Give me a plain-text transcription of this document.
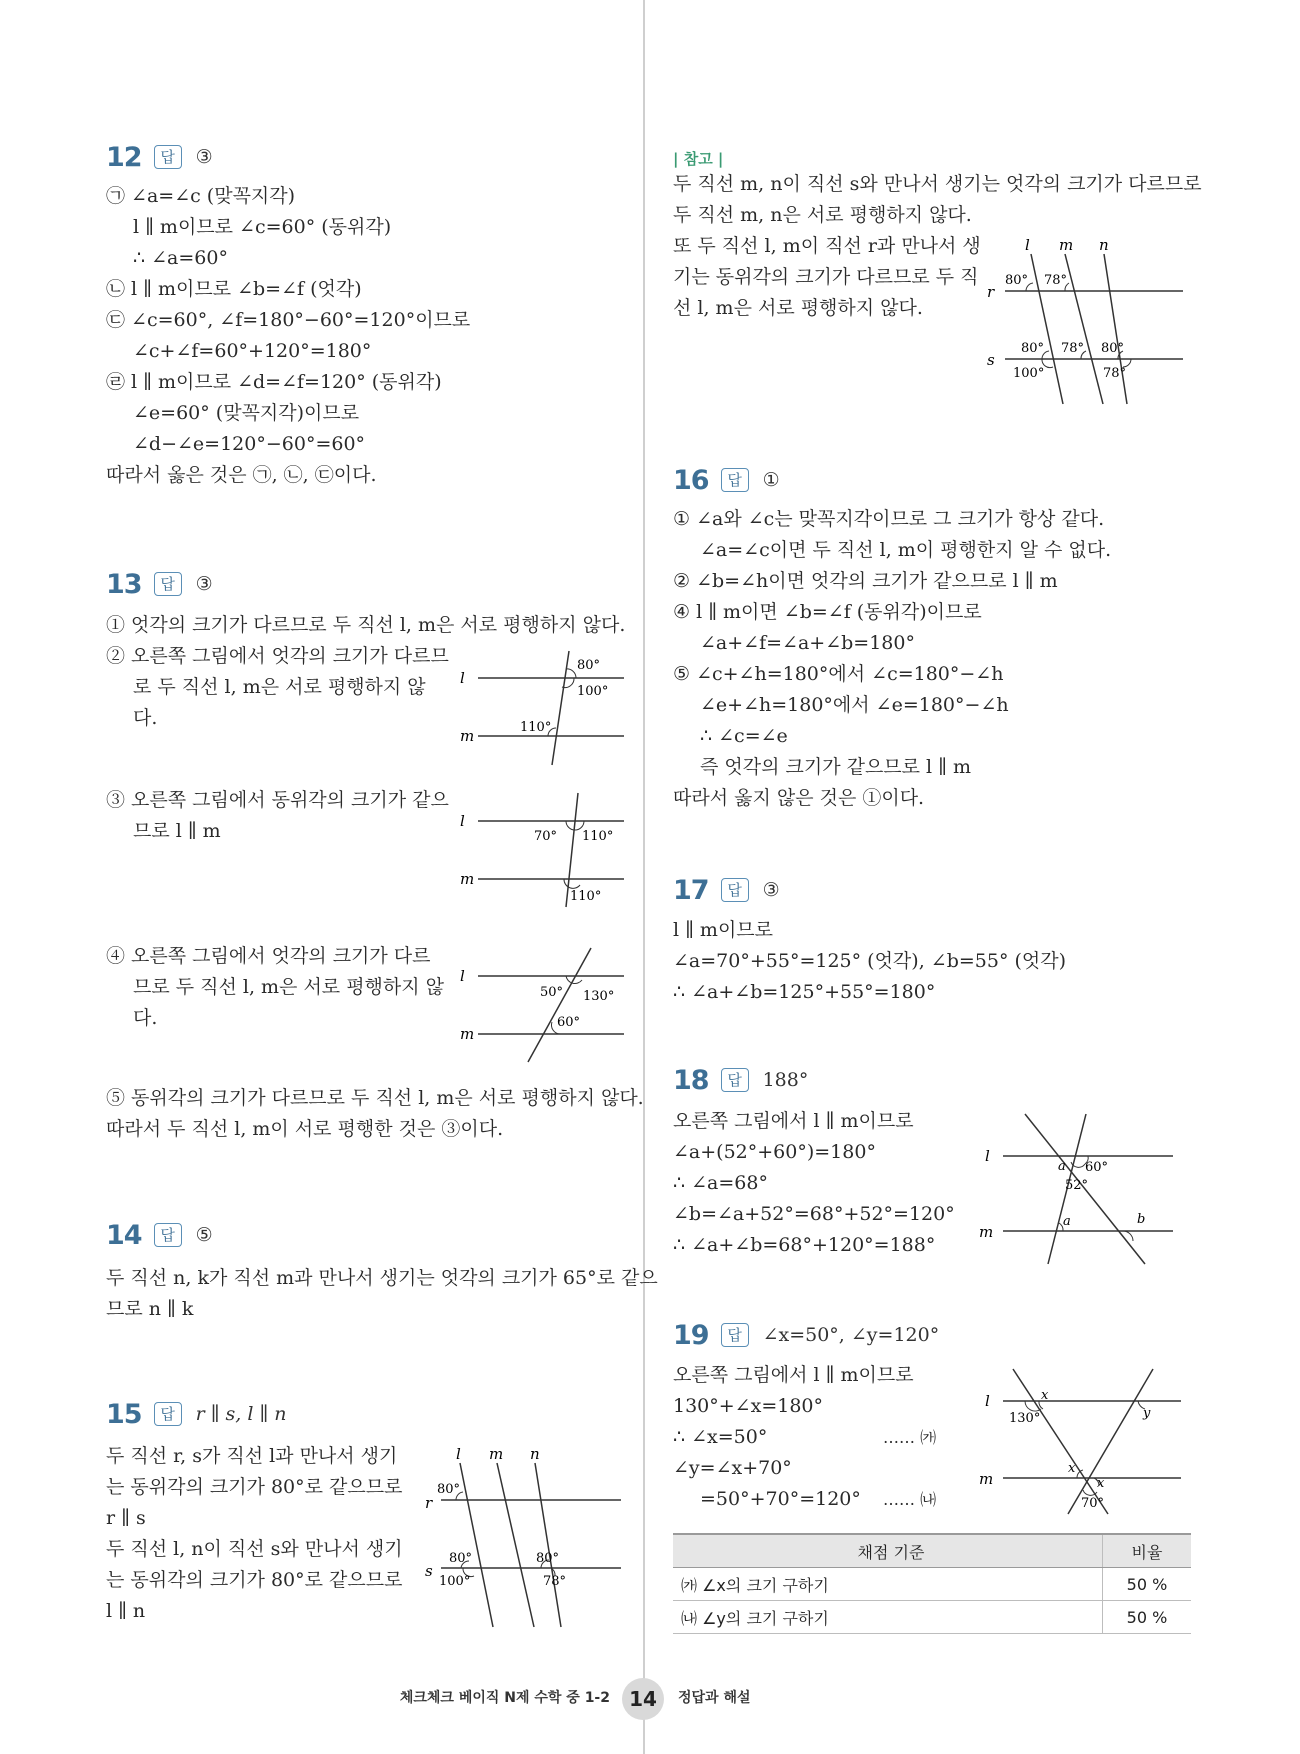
12	답	③
㉠ ∠a=∠c (맞꼭지각)
l ∥ m이므로 ∠c=60° (동위각)
∴ ∠a=60°
㉡ l ∥ m이므로 ∠b=∠f (엇각)
㉢ ∠c=60°, ∠f=180°−60°=120°이므로
∠c+∠f=60°+120°=180°
㉣ l ∥ m이므로 ∠d=∠f=120° (동위각)
∠e=60° (맞꼭지각)이므로
∠d−∠e=120°−60°=60°
따라서 옳은 것은 ㉠, ㉡, ㉢이다.
13	답	③
① 엇각의 크기가 다르므로 두 직선 l, m은 서로 평행하지 않다.
② 오른쪽 그림에서 엇각의 크기가 다르므
로 두 직선 l, m은 서로 평행하지 않
다.
③ 오른쪽 그림에서 동위각의 크기가 같으
므로 l ∥ m
④ 오른쪽 그림에서 엇각의 크기가 다르
므로 두 직선 l, m은 서로 평행하지 않
다.
⑤ 동위각의 크기가 다르므로 두 직선 l, m은 서로 평행하지 않다.
따라서 두 직선 l, m이 서로 평행한 것은 ③이다.
l
m
80°
100°
110°
l
m
70° 110°
110°
l
m
50° 130°
60°
14	답	⑤
두 직선 n, k가 직선 m과 만나서 생기는 엇각의 크기가 65°로 같으
므로 n ∥ k
15	답	r ∥ s, l ∥ n
두 직선 r, s가 직선 l과 만나서 생기
는 동위각의 크기가 80°로 같으므로
r ∥ s
두 직선 l, n이 직선 s와 만나서 생기
는 동위각의 크기가 80°로 같으므로
l ∥ n
l m n
r
s
80°
80°	80°
100°	78°
| 참고 |
두 직선 m, n이 직선 s와 만나서 생기는 엇각의 크기가 다르므로
두 직선 m, n은 서로 평행하지 않다.
또 두 직선 l, m이 직선 r과 만나서 생
기는 동위각의 크기가 다르므로 두 직
선 l, m은 서로 평행하지 않다.
l m n
r
s
80° 78°
80° 78° 80°
100°	78°
16	답	①
① ∠a와 ∠c는 맞꼭지각이므로 그 크기가 항상 같다.
∠a=∠c이면 두 직선 l, m이 평행한지 알 수 없다.
② ∠b=∠h이면 엇각의 크기가 같으므로 l ∥ m
④ l ∥ m이면 ∠b=∠f (동위각)이므로
∠a+∠f=∠a+∠b=180°
⑤ ∠c+∠h=180°에서 ∠c=180°−∠h
∠e+∠h=180°에서 ∠e=180°−∠h
∴ ∠c=∠e
즉 엇각의 크기가 같으므로 l ∥ m
따라서 옳지 않은 것은 ①이다.
17	답	③
l ∥ m이므로
∠a=70°+55°=125° (엇각), ∠b=55° (엇각)
∴ ∠a+∠b=125°+55°=180°
18	답	188°
오른쪽 그림에서 l ∥ m이므로
∠a+(52°+60°)=180°
∴ ∠a=68°
∠b=∠a+52°=68°+52°=120°
∴ ∠a+∠b=68°+120°=188°
l
m
a 60°
52°
a	b
19	답	∠x=50°, ∠y=120°
오른쪽 그림에서 l ∥ m이므로
130°+∠x=180°
∴ ∠x=50°
∠y=∠x+70°
=50°+70°=120°
…… ㈎
…… ㈏
l
m
130°
x
y
x
x
70°
채점 기준	비율
㈎ ∠x의 크기 구하기	50 %
㈏ ∠y의 크기 구하기	50 %
체크체크 베이직 N제 수학 중 1-2 14	정답과 해설
